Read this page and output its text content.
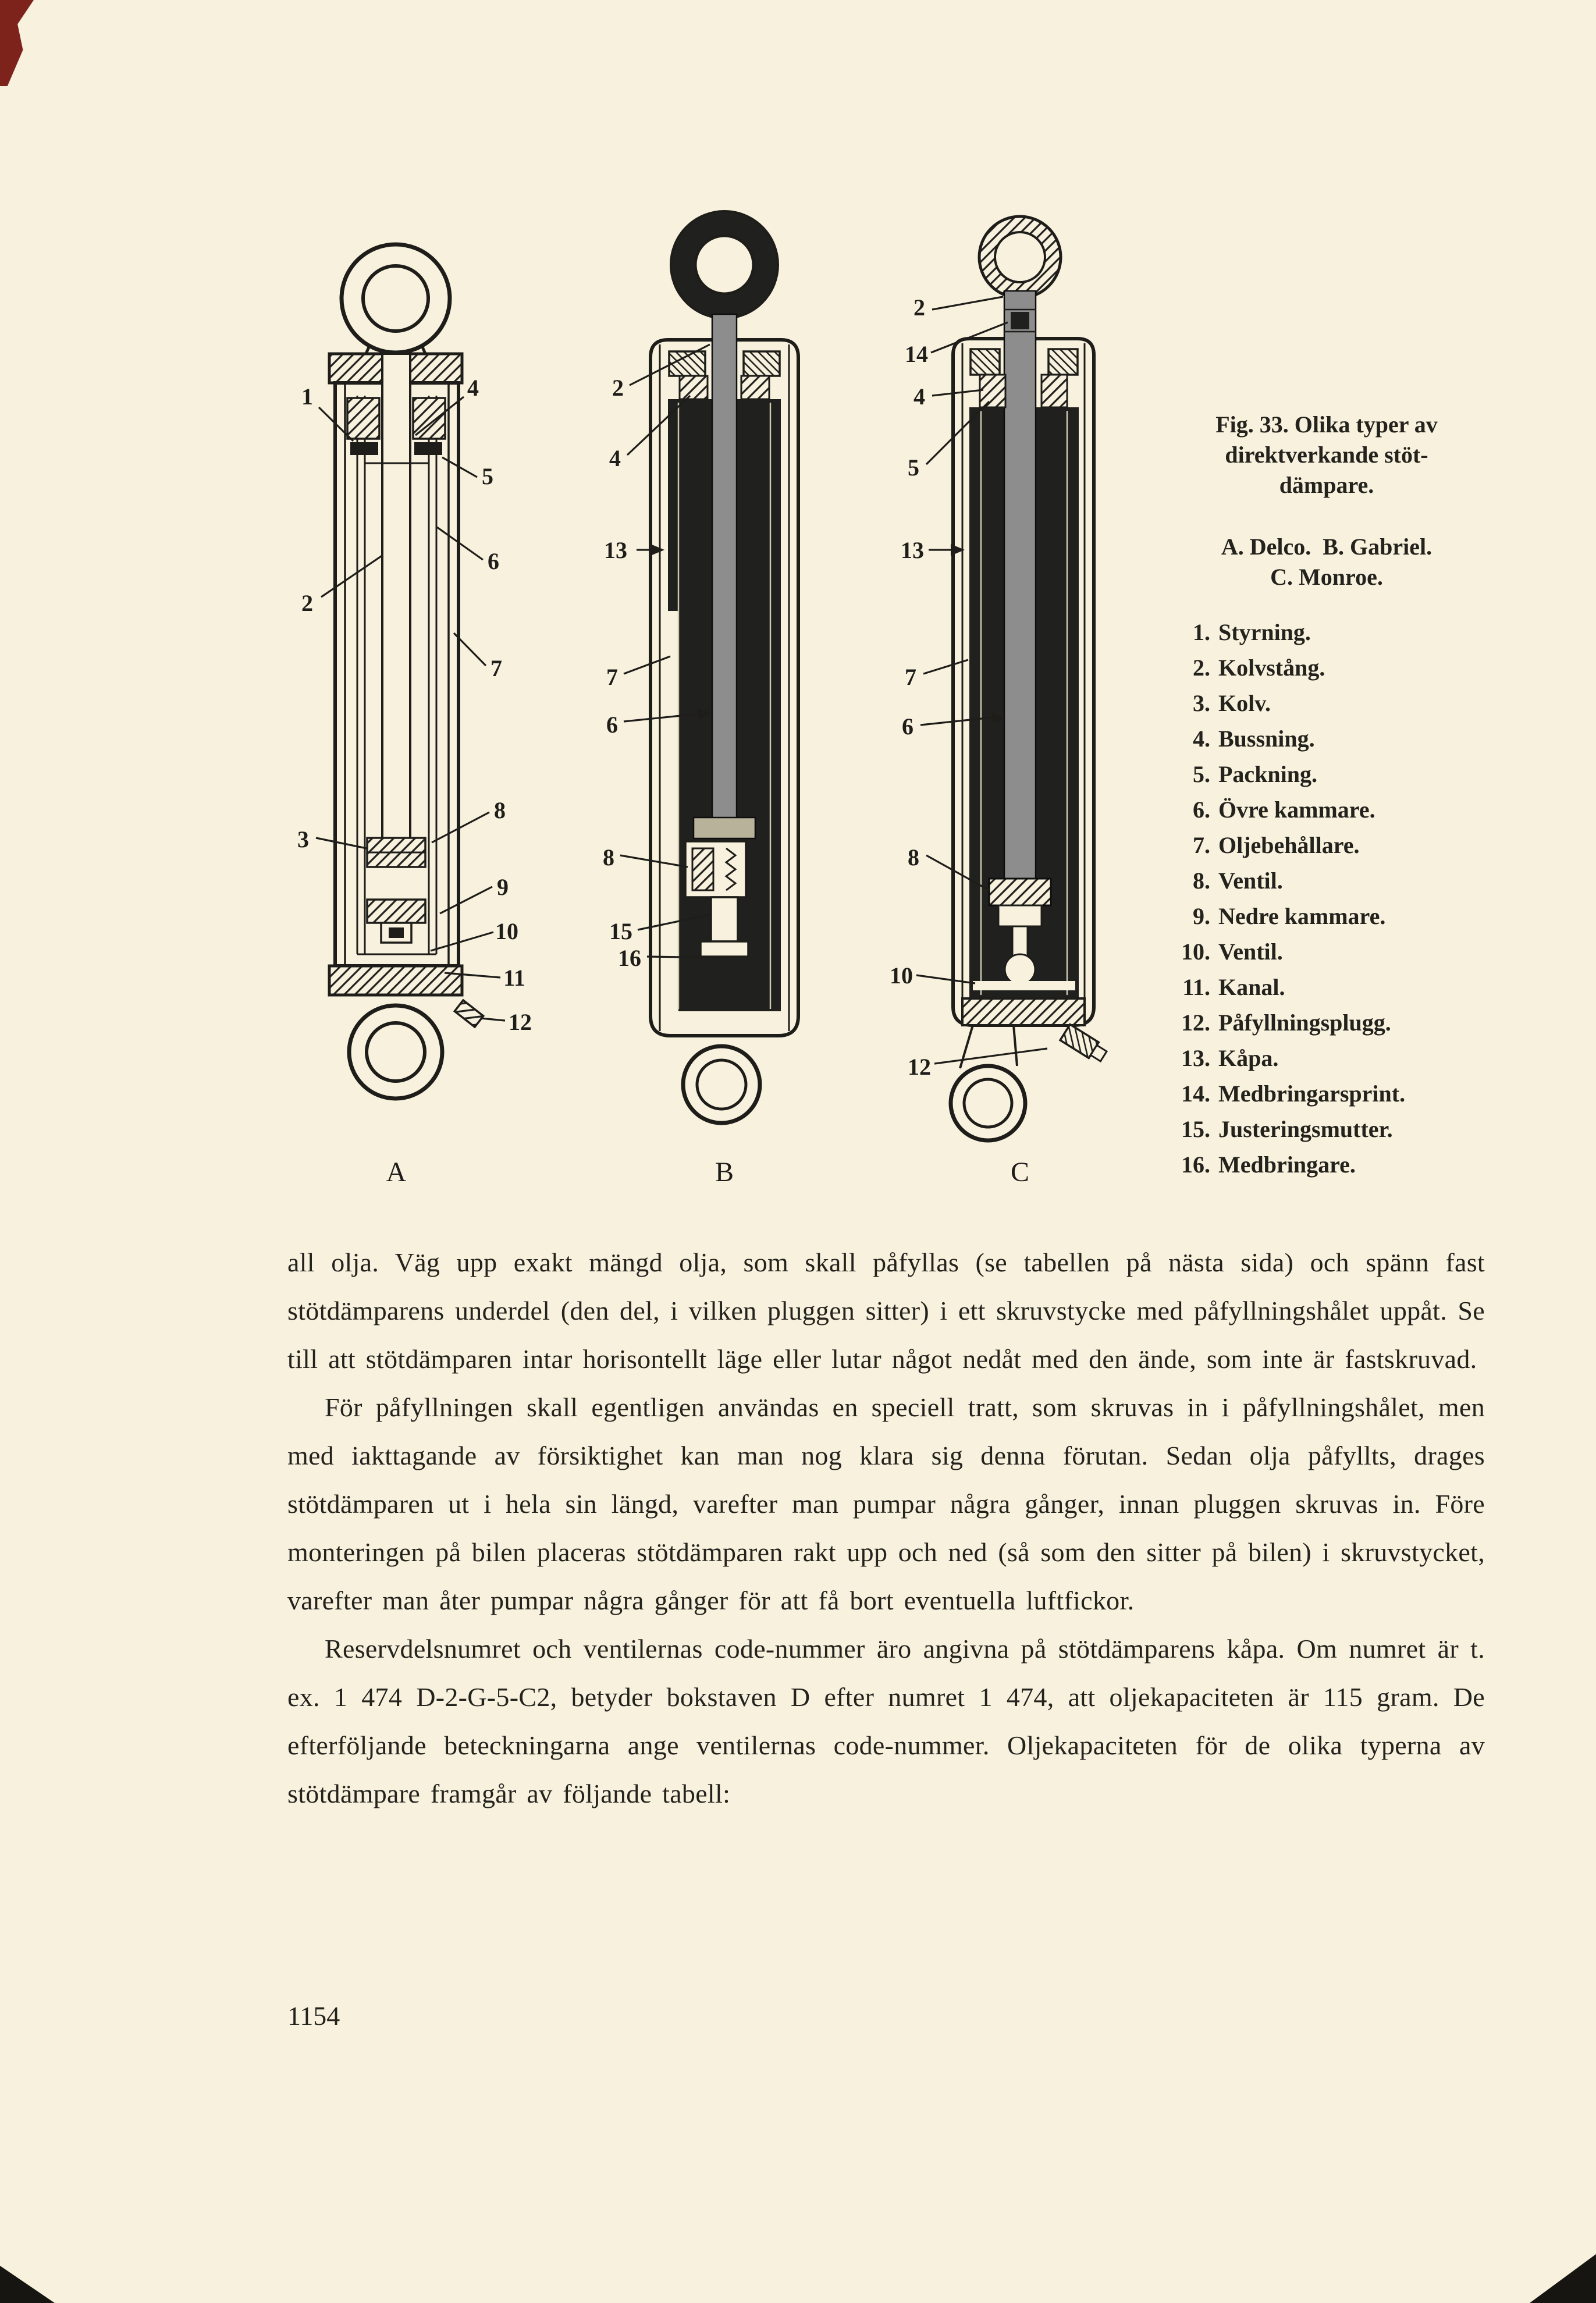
1	4
5
6
2
7
3
8
9
10
11
12
2
4
13
7
6
8
15
16
2
14
4
5
13
7
6
8
10
12
A	B	C
Fig. 33. Olika typer av
direktverkande stöt-
dämpare.
A. Delco.  B. Gabriel.
C. Monroe.
1. Styrning.
2. Kolvstång.
3. Kolv.
4. Bussning.
5. Packning.
6. Övre kammare.
7. Oljebehållare.
8. Ventil.
9. Nedre kammare.
10. Ventil.
11. Kanal.
12. Påfyllningsplugg.
13. Kåpa.
14. Medbringarsprint.
15. Justeringsmutter.
16. Medbringare.

all olja. Väg upp exakt mängd olja, som skall påfyllas (se tabellen på nästa sida) och spänn fast stötdämparens underdel (den del, i vilken pluggen sitter) i ett skruvstycke med påfyllningshålet uppåt. Se till att stötdämparen intar horisontellt läge eller lutar något nedåt med den ände, som inte är fastskruvad.

För påfyllningen skall egentligen användas en speciell tratt, som skruvas in i påfyllningshålet, men med iakttagande av försiktighet kan man nog klara sig denna förutan. Sedan olja påfyllts, drages stötdämparen ut i hela sin längd, varefter man pumpar några gånger, innan pluggen skruvas in. Före monteringen på bilen placeras stötdämparen rakt upp och ned (så som den sitter på bilen) i skruvstycket, varefter man åter pumpar några gånger för att få bort eventuella luftfickor.

Reservdelsnumret och ventilernas code-nummer äro angivna på stötdämparens kåpa. Om numret är t. ex. 1 474 D-2-G-5-C2, betyder bokstaven D efter numret 1 474, att oljekapaciteten är 115 gram. De efterföljande beteckningarna ange ventilernas code-nummer. Oljekapaciteten för de olika typerna av stötdämpare framgår av följande tabell:

1154
